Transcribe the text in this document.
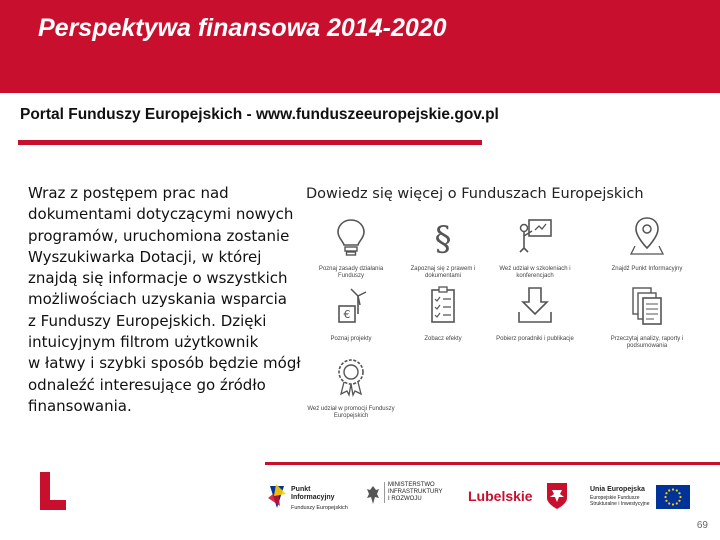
Perspektywa finansowa 2014-2020
Portal Funduszy Europejskich - www.funduszeeuropejskie.gov.pl

Wraz z postępem prac nad

dokumentami dotyczącymi nowych

programów, uruchomiona zostanie

Wyszukiwarka Dotacji, w której

znajdą się informacje o wszystkich

możliwościach uzyskania wsparcia

z Funduszy Europejskich. Dzięki

intuicyjnym filtrom użytkownik

w łatwy i szybki sposób będzie mógł

odnaleźć interesujące go źródło

finansowania.

Dowiedz się więcej o Funduszach Europejskich
Poznaj zasady działania Funduszy
§
Zapoznaj się z prawem i dokumentami
Weź udział w szkoleniach i konferencjach
Znajdź Punkt Informacyjny
€
Poznaj projekty	Zobacz efekty	Pobierz poradniki i publikacje	Przeczytaj analizy, raporty i podsumowania
Weź udział w promocji Funduszy Europejskich
Punkt Informacyjny
Funduszy Europejskich
MINISTERSTWO
INFRASTRUKTURY
I ROZWOJU	Lubelskie	Unia Europejska
Europejskie Fundusze Strukturalne i Inwestycyjne
69
